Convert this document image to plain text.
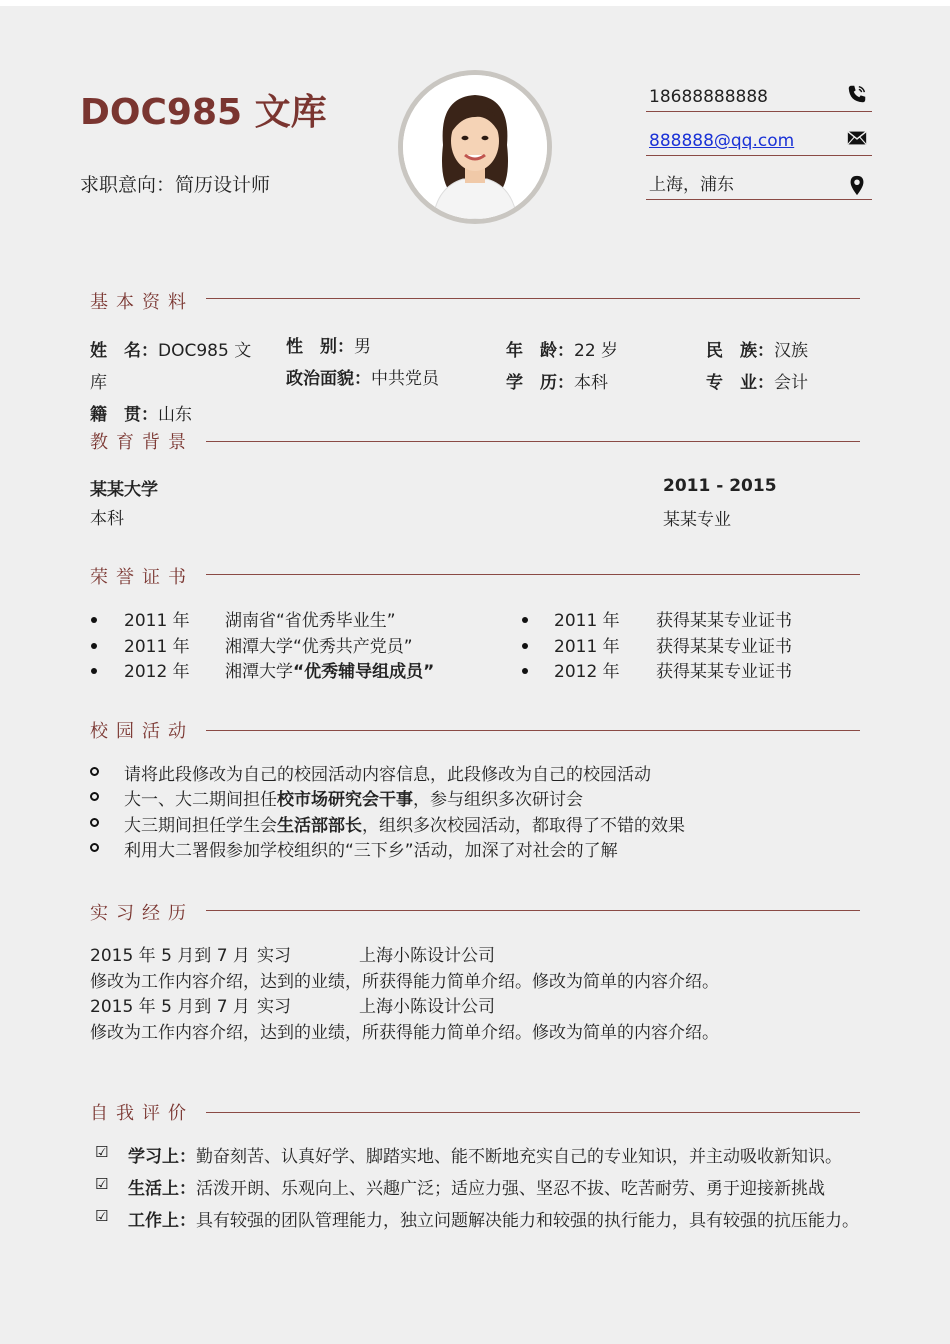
DOC985 文库
求职意向：简历设计师
18688888888
888888@qq.com
上海，浦东
基本资料
姓　名：DOC985 文
库
性　别：男
政治面貌：中共党员
年　龄：22 岁
学　历：本科
民　族：汉族
专　业：会计
籍　贯：山东
教育背景
某某大学
本科
2011 - 2015
某某专业
荣誉证书
2011 年 湖南省“省优秀毕业生”
2011 年 湘潭大学“优秀共产党员”
2012 年 湘潭大学“优秀辅导组成员”
2011 年 获得某某专业证书
2011 年 获得某某专业证书
2012 年 获得某某专业证书
校园活动
请将此段修改为自己的校园活动内容信息，此段修改为自己的校园活动
大一、大二期间担任校市场研究会干事，参与组织多次研讨会
大三期间担任学生会生活部部长，组织多次校园活动，都取得了不错的效果
利用大二署假参加学校组织的“三下乡”活动，加深了对社会的了解
实习经历
2015 年 5 月到 7 月 实习	上海小陈设计公司
修改为工作内容介绍，达到的业绩，所获得能力简单介绍。修改为简单的内容介绍。
2015 年 5 月到 7 月 实习	上海小陈设计公司
修改为工作内容介绍，达到的业绩，所获得能力简单介绍。修改为简单的内容介绍。
自我评价
☑ 学习上：勤奋刻苦、认真好学、脚踏实地、能不断地充实自己的专业知识，并主动吸收新知识。
☑ 生活上：活泼开朗、乐观向上、兴趣广泛；适应力强、坚忍不拔、吃苦耐劳、勇于迎接新挑战
☑ 工作上：具有较强的团队管理能力，独立问题解决能力和较强的执行能力，具有较强的抗压能力。
